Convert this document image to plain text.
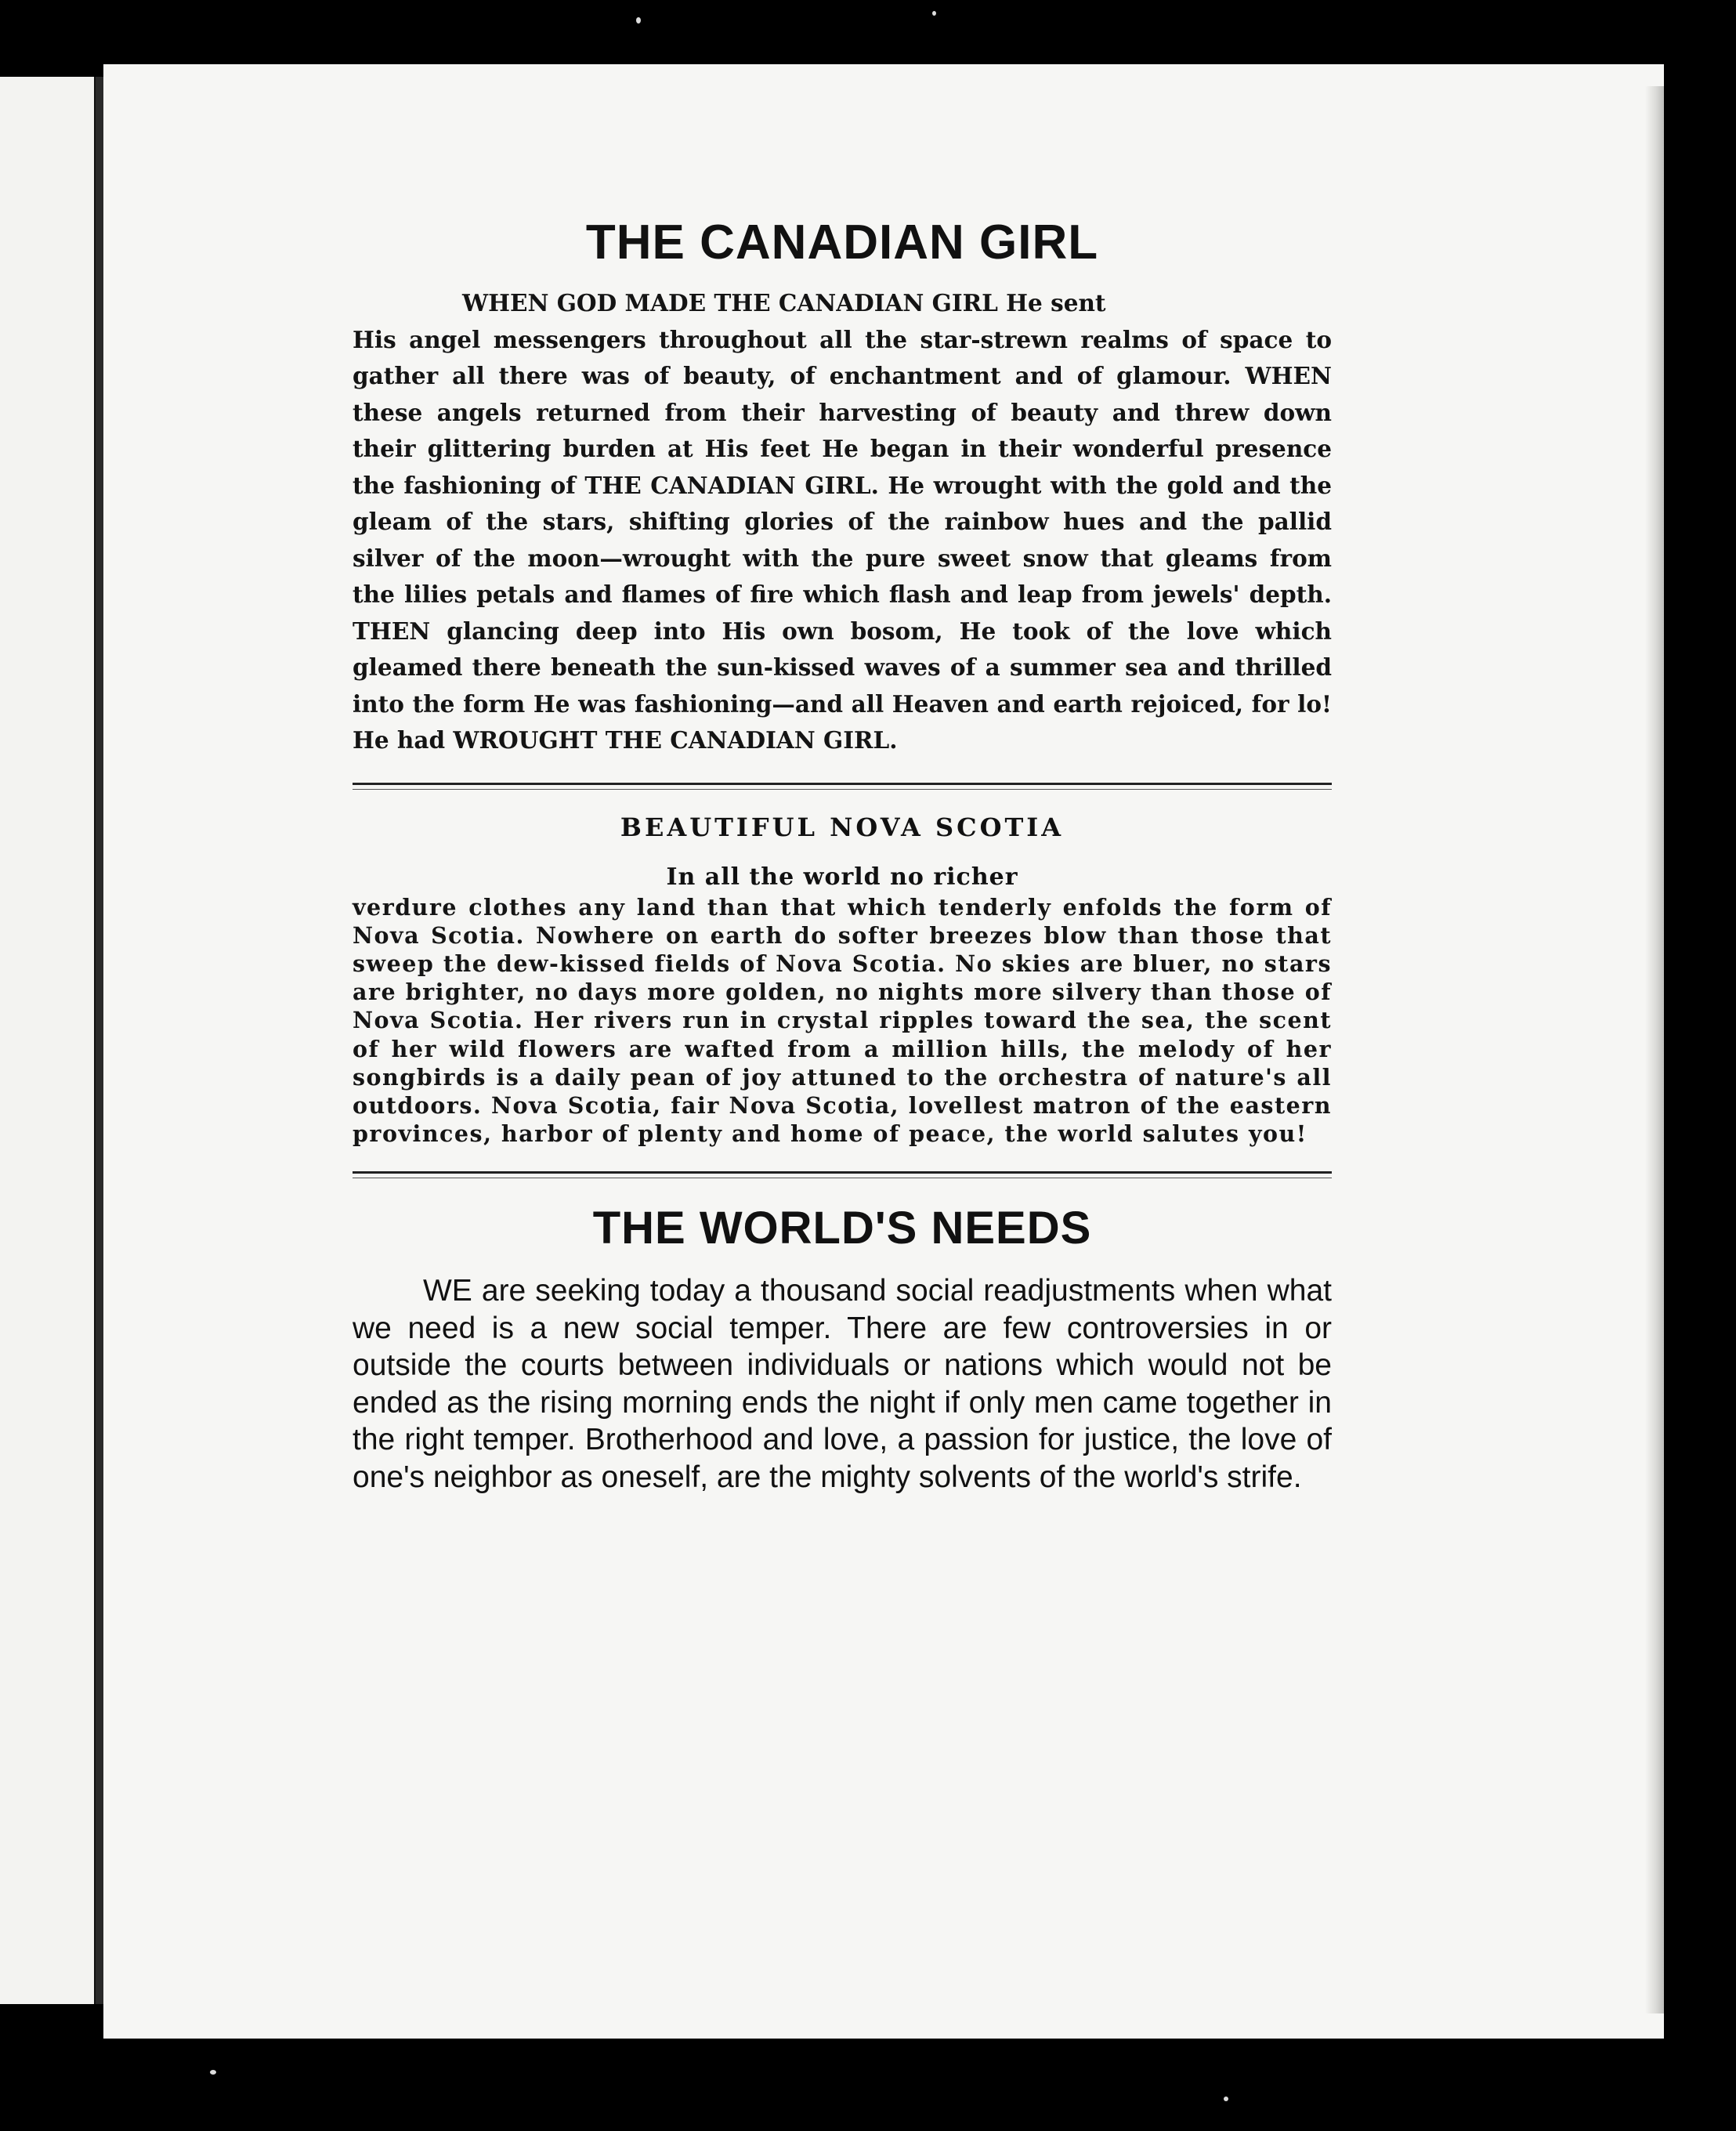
THE CANADIAN GIRL

WHEN GOD MADE THE CANADIAN GIRL He sent
His angel messengers throughout all the star-strewn realms of space to gather all there was of beauty, of enchantment and of glamour. WHEN these angels returned from their harvesting of beauty and threw down their glittering burden at His feet He began in their wonderful presence the fashioning of THE CANADIAN GIRL. He wrought with the gold and the gleam of the stars, shifting glories of the rainbow hues and the pallid silver of the moon—wrought with the pure sweet snow that gleams from the lilies petals and flames of fire which flash and leap from jewels' depth. THEN glancing deep into His own bosom, He took of the love which gleamed there beneath the sun-kissed waves of a summer sea and thrilled into the form He was fashioning—and all Heaven and earth rejoiced, for lo! He had WROUGHT THE CANADIAN GIRL.

BEAUTIFUL NOVA SCOTIA
In all the world no richer

verdure clothes any land than that which tenderly enfolds the form of Nova Scotia. Nowhere on earth do softer breezes blow than those that sweep the dew-kissed fields of Nova Scotia. No skies are bluer, no stars are brighter, no days more golden, no nights more silvery than those of Nova Scotia. Her rivers run in crystal ripples toward the sea, the scent of her wild flowers are wafted from a million hills, the melody of her songbirds is a daily pean of joy attuned to the orchestra of nature's all outdoors. Nova Scotia, fair Nova Scotia, lovellest matron of the eastern provinces, harbor of plenty and home of peace, the world salutes you!

THE WORLD'S NEEDS

WE are seeking today a thousand social readjustments when what we need is a new social temper. There are few controversies in or outside the courts between individuals or nations which would not be ended as the rising morning ends the night if only men came together in the right temper. Brotherhood and love, a passion for justice, the love of one's neighbor as oneself, are the mighty solvents of the world's strife.
